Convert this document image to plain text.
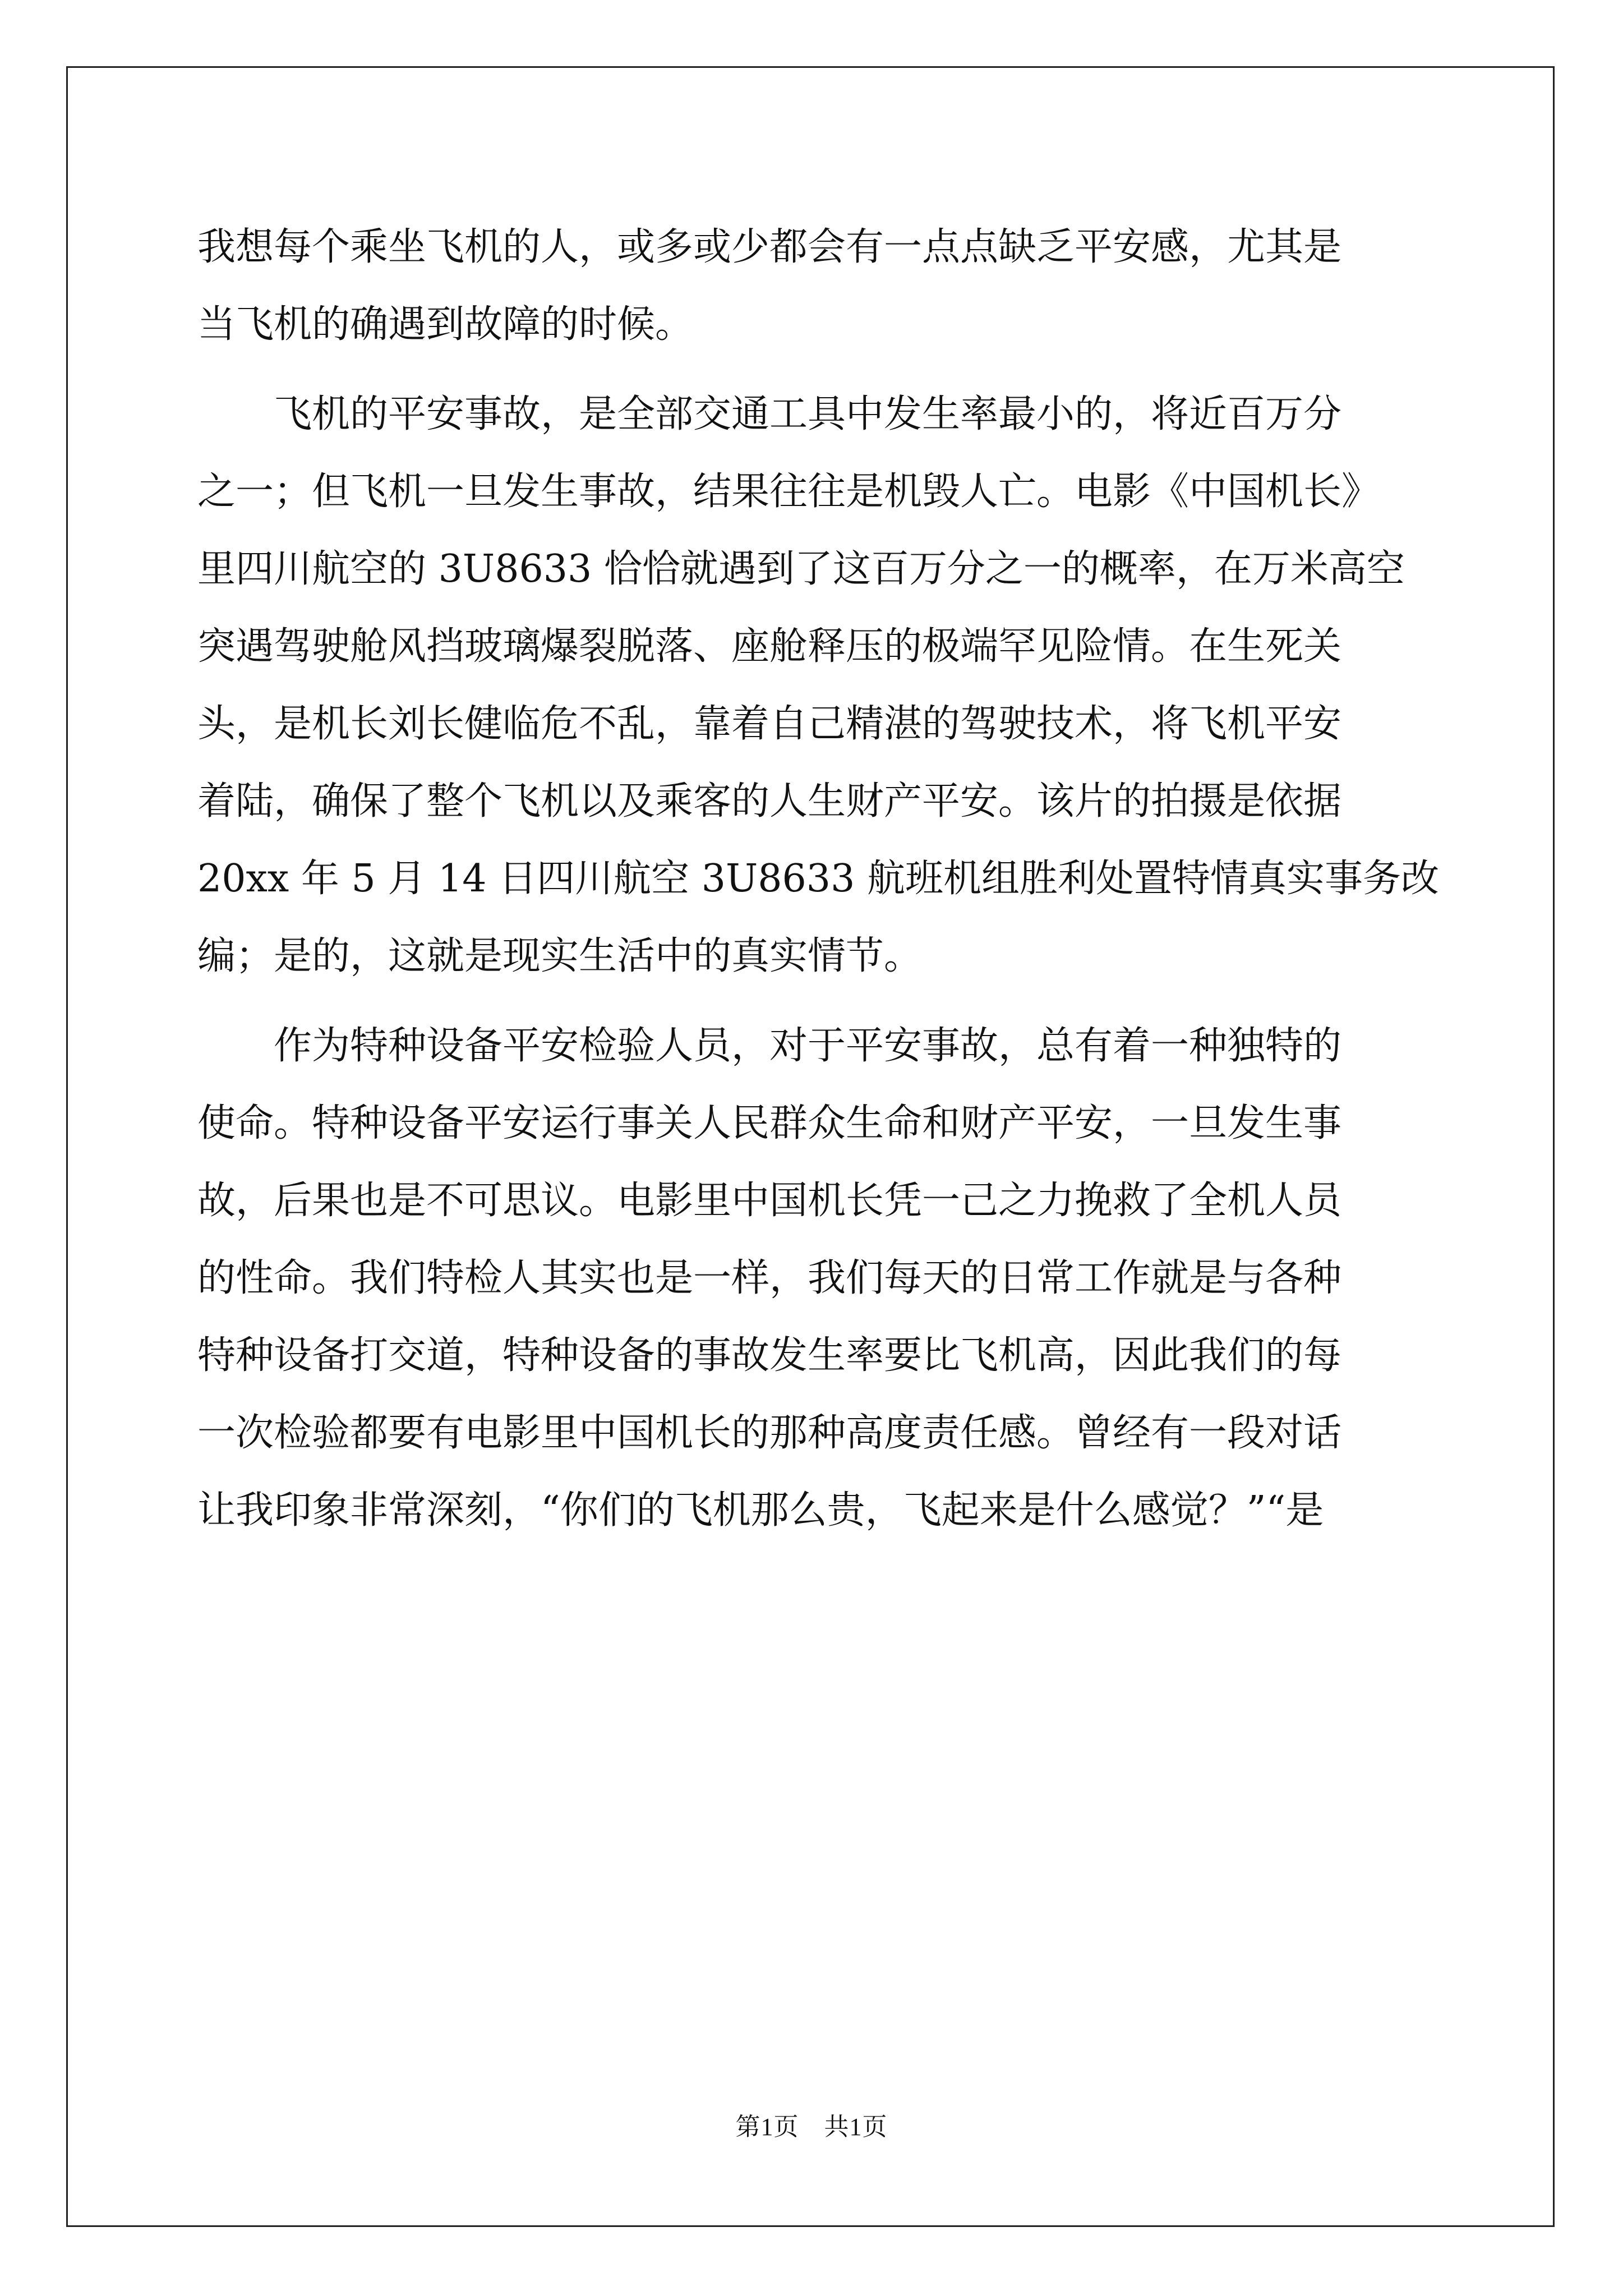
我想每个乘坐飞机的人，或多或少都会有一点点缺乏平安感，尤其是
当飞机的确遇到故障的时候。
　　飞机的平安事故，是全部交通工具中发生率最小的，将近百万分
之一；但飞机一旦发生事故，结果往往是机毁人亡。电影《中国机长》
里四川航空的 3U8633 恰恰就遇到了这百万分之一的概率，在万米高空
突遇驾驶舱风挡玻璃爆裂脱落、座舱释压的极端罕见险情。在生死关
头，是机长刘长健临危不乱，靠着自己精湛的驾驶技术，将飞机平安
着陆，确保了整个飞机以及乘客的人生财产平安。该片的拍摄是依据
20xx 年 5 月 14 日四川航空 3U8633 航班机组胜利处置特情真实事务改
编；是的，这就是现实生活中的真实情节。
　　作为特种设备平安检验人员，对于平安事故，总有着一种独特的
使命。特种设备平安运行事关人民群众生命和财产平安，一旦发生事
故，后果也是不可思议。电影里中国机长凭一己之力挽救了全机人员
的性命。我们特检人其实也是一样，我们每天的日常工作就是与各种
特种设备打交道，特种设备的事故发生率要比飞机高，因此我们的每
一次检验都要有电影里中国机长的那种高度责任感。曾经有一段对话
让我印象非常深刻，“你们的飞机那么贵，飞起来是什么感觉？”“是
第1页　共1页
